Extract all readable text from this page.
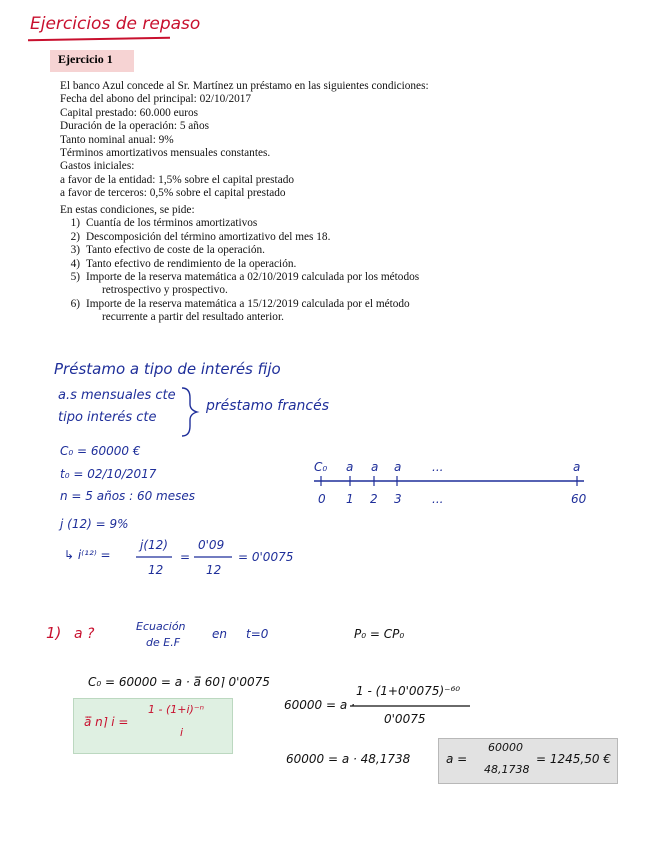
Ejercicios de repaso
Ejercicio 1
El banco Azul concede al Sr. Martínez un préstamo en las siguientes condiciones:
Fecha del abono del principal: 02/10/2017
Capital prestado: 60.000 euros
Duración de la operación: 5 años
Tanto nominal anual: 9%
Términos amortizativos mensuales constantes.
Gastos iniciales:
a favor de la entidad: 1,5% sobre el capital prestado
a favor de terceros: 0,5% sobre el capital prestado
En estas condiciones, se pide:
1) Cuantía de los términos amortizativos
2) Descomposición del término amortizativo del mes 18.
3) Tanto efectivo de coste de la operación.
4) Tanto efectivo de rendimiento de la operación.
5) Importe de la reserva matemática a 02/10/2019 calculada por los métodos
retrospectivo y prospectivo.
6) Importe de la reserva matemática a 15/12/2019 calculada por el método
recurrente a partir del resultado anterior.
Préstamo a tipo de interés fijo
a.s mensuales cte
tipo interés cte
préstamo francés
C₀ = 60000 €
t₀ = 02/10/2017
n = 5 años : 60 meses
j (12) = 9%
↳ i⁽¹²⁾ =
j(12)
12
=
0'09
12
= 0'0075
C₀ a a a	...	a
0 1 2 3	...	60
1) a ?	Ecuación
de E.F
en t=0	P₀ = CP₀
C₀ = 60000 = a · ä̅ 60⌉ 0'0075
ä̅ n⌉ i =
1 - (1+i)⁻ⁿ
i
60000 = a ·
1 - (1+0'0075)⁻⁶⁰
0'0075
60000 = a · 48,1738	a =
60000
48,1738
= 1245,50 €
